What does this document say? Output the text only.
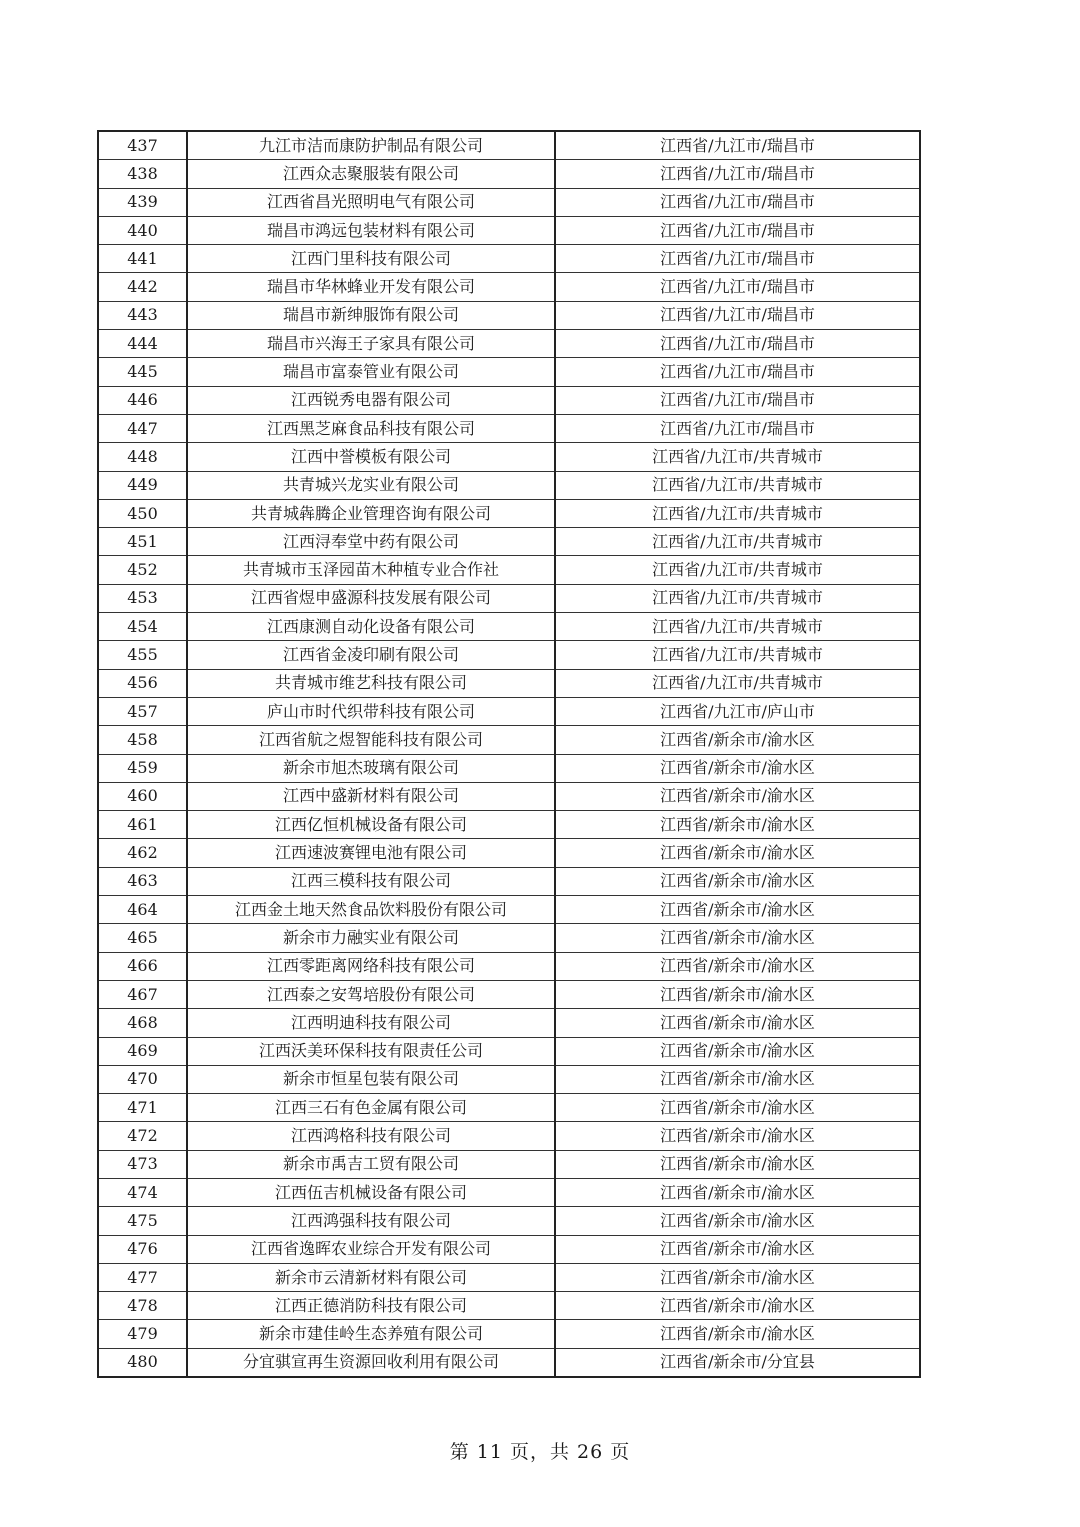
437	九江市洁而康防护制品有限公司	江西省/九江市/瑞昌市
438	江西众志聚服装有限公司	江西省/九江市/瑞昌市
439	江西省昌光照明电气有限公司	江西省/九江市/瑞昌市
440	瑞昌市鸿远包装材料有限公司	江西省/九江市/瑞昌市
441	江西门里科技有限公司	江西省/九江市/瑞昌市
442	瑞昌市华林蜂业开发有限公司	江西省/九江市/瑞昌市
443	瑞昌市新绅服饰有限公司	江西省/九江市/瑞昌市
444	瑞昌市兴海王子家具有限公司	江西省/九江市/瑞昌市
445	瑞昌市富泰管业有限公司	江西省/九江市/瑞昌市
446	江西锐秀电器有限公司	江西省/九江市/瑞昌市
447	江西黑芝麻食品科技有限公司	江西省/九江市/瑞昌市
448	江西中誉模板有限公司	江西省/九江市/共青城市
449	共青城兴龙实业有限公司	江西省/九江市/共青城市
450	共青城犇腾企业管理咨询有限公司	江西省/九江市/共青城市
451	江西浔奉堂中药有限公司	江西省/九江市/共青城市
452	共青城市玉泽园苗木种植专业合作社	江西省/九江市/共青城市
453	江西省煜申盛源科技发展有限公司	江西省/九江市/共青城市
454	江西康测自动化设备有限公司	江西省/九江市/共青城市
455	江西省金凌印刷有限公司	江西省/九江市/共青城市
456	共青城市维艺科技有限公司	江西省/九江市/共青城市
457	庐山市时代织带科技有限公司	江西省/九江市/庐山市
458	江西省航之煜智能科技有限公司	江西省/新余市/渝水区
459	新余市旭杰玻璃有限公司	江西省/新余市/渝水区
460	江西中盛新材料有限公司	江西省/新余市/渝水区
461	江西亿恒机械设备有限公司	江西省/新余市/渝水区
462	江西速波赛锂电池有限公司	江西省/新余市/渝水区
463	江西三模科技有限公司	江西省/新余市/渝水区
464	江西金土地天然食品饮料股份有限公司	江西省/新余市/渝水区
465	新余市力融实业有限公司	江西省/新余市/渝水区
466	江西零距离网络科技有限公司	江西省/新余市/渝水区
467	江西泰之安驾培股份有限公司	江西省/新余市/渝水区
468	江西明迪科技有限公司	江西省/新余市/渝水区
469	江西沃美环保科技有限责任公司	江西省/新余市/渝水区
470	新余市恒星包装有限公司	江西省/新余市/渝水区
471	江西三石有色金属有限公司	江西省/新余市/渝水区
472	江西鸿格科技有限公司	江西省/新余市/渝水区
473	新余市禹吉工贸有限公司	江西省/新余市/渝水区
474	江西伍吉机械设备有限公司	江西省/新余市/渝水区
475	江西鸿强科技有限公司	江西省/新余市/渝水区
476	江西省逸晖农业综合开发有限公司	江西省/新余市/渝水区
477	新余市云清新材料有限公司	江西省/新余市/渝水区
478	江西正德消防科技有限公司	江西省/新余市/渝水区
479	新余市建佳岭生态养殖有限公司	江西省/新余市/渝水区
480	分宜骐宣再生资源回收利用有限公司	江西省/新余市/分宜县
第 11 页，共 26 页
